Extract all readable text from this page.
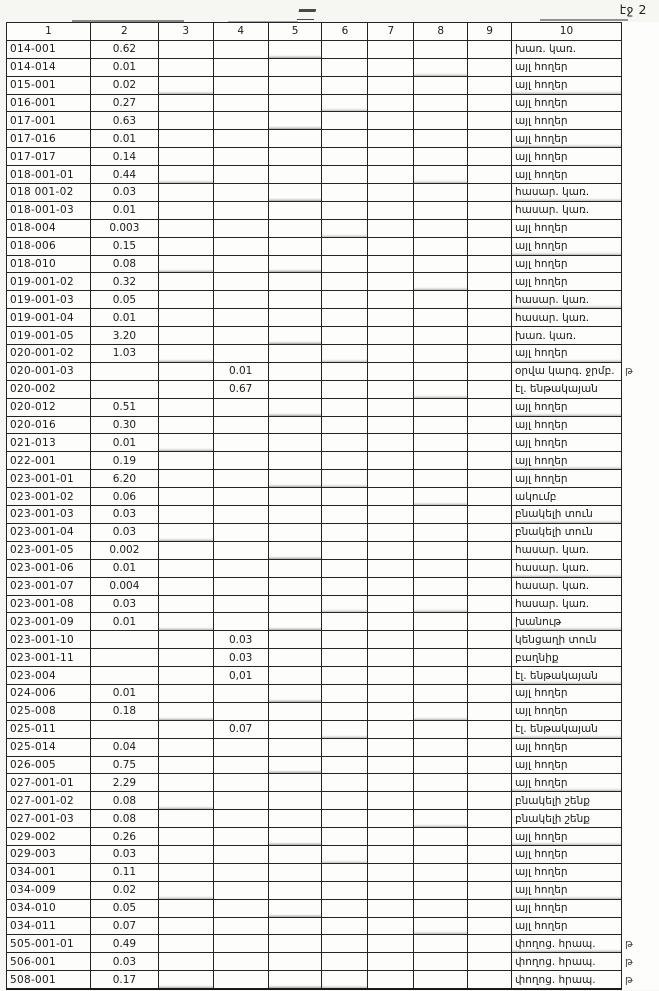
էջ 2
1	2	3	4	5	6	7	8	9	10	
014-001	0.62								խառ. կառ.	
014-014	0.01								այլ հողեր	
015-001	0.02								այլ հողեր	
016-001	0.27								այլ հողեր	
017-001	0.63								այլ հողեր	
017-016	0.01								այլ հողեր	
017-017	0.14								այլ հողեր	
018-001-01	0.44								այլ հողեր	
018 001-02	0.03								հասար. կառ.	
018-001-03	0.01								հասար. կառ.	
018-004	0.003								այլ հողեր	
018-006	0.15								այլ հողեր	
018-010	0.08								այլ հողեր	
019-001-02	0.32								այլ հողեր	
019-001-03	0.05								հասար. կառ.	
019-001-04	0.01								հասար. կառ.	
019-001-05	3.20								խառ. կառ.	
020-001-02	1.03								այլ հողեր	
020-001-03			0.01						օրվա կարգ. ջրմբ.	թ
020-002			0.67						էլ. ենթակայան	
020-012	0.51								այլ հողեր	
020-016	0.30								այլ հողեր	
021-013	0.01								այլ հողեր	
022-001	0.19								այլ հողեր	
023-001-01	6.20								այլ հողեր	
023-001-02	0.06								ակումբ	
023-001-03	0.03								բնակելի տուն	
023-001-04	0.03								բնակելի տուն	
023-001-05	0.002								հասար. կառ.	
023-001-06	0.01								հասար. կառ.	
023-001-07	0.004								հասար. կառ.	
023-001-08	0.03								հասար. կառ.	
023-001-09	0.01								խանութ	
023-001-10			0.03						կենցաղի տուն	
023-001-11			0.03						բաղնիք	
023-004			0,01						էլ. ենթակայան	
024-006	0.01								այլ հողեր	
025-008	0.18								այլ հողեր	
025-011			0.07						էլ. ենթակայան	
025-014	0.04								այլ հողեր	
026-005	0.75								այլ հողեր	
027-001-01	2.29								այլ հողեր	
027-001-02	0.08								բնակելի շենք	
027-001-03	0.08								բնակելի շենք	
029-002	0.26								այլ հողեր	
029-003	0.03								այլ հողեր	
034-001	0.11								այլ հողեր	
034-009	0.02								այլ հողեր	
034-010	0.05								այլ հողեր	
034-011	0.07								այլ հողեր	
505-001-01	0.49								փողոց. հրապ.	թ
506-001	0.03								փողոց. հրապ.	թ
508-001	0.17								փողոց. հրապ.	թ
